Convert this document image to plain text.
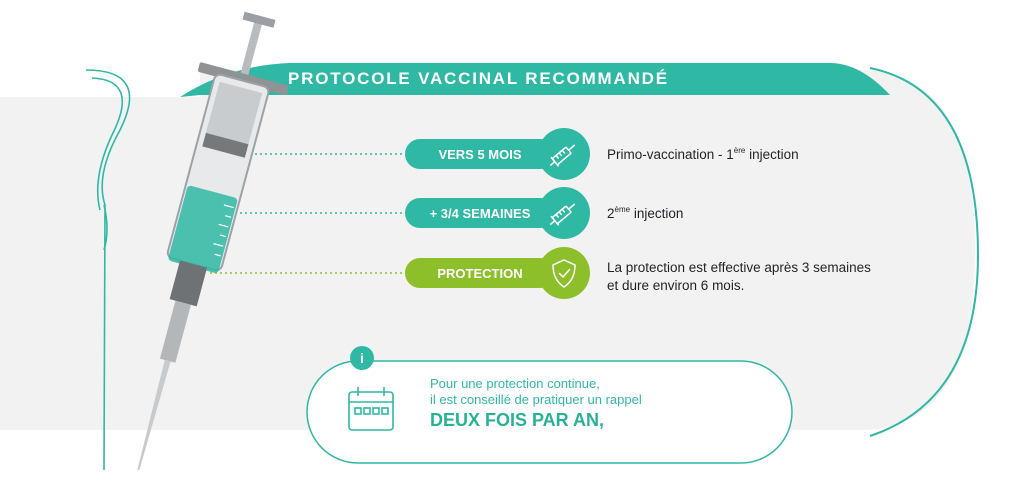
PROTOCOLE VACCINAL RECOMMANDÉ
VERS 5 MOIS
+ 3/4 SEMAINES
PROTECTION
Primo-vaccination - 1ère injection
2ème injection
La protection est effective après 3 semaines
et dure environ 6 mois.
i
Pour une protection continue,
il est conseillé de pratiquer un rappel
DEUX FOIS PAR AN,
